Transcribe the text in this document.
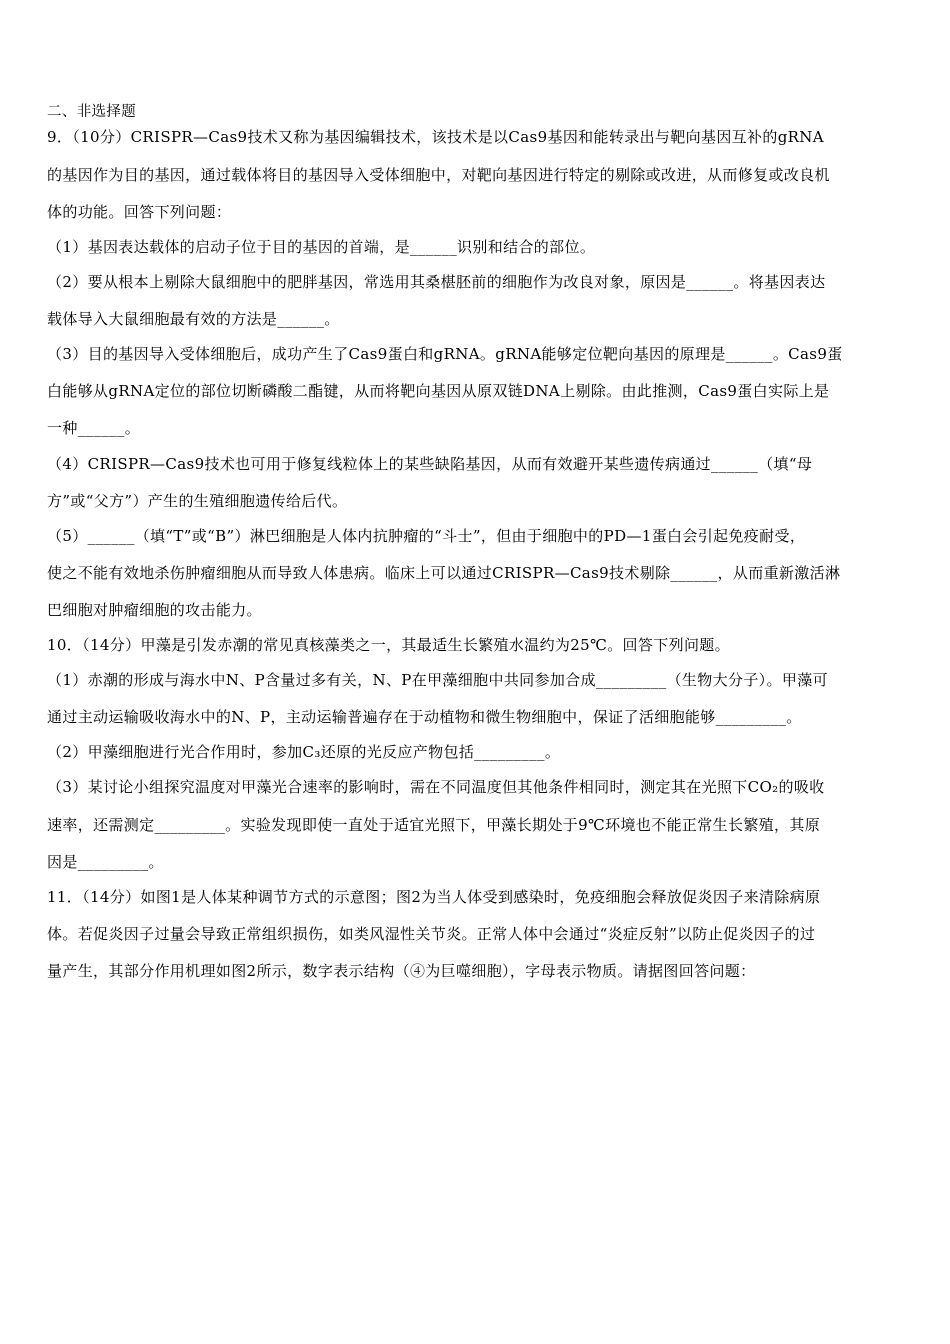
二、非选择题
9．（10分）CRISPR—Cas9技术又称为基因编辑技术，该技术是以Cas9基因和能转录出与靶向基因互补的gRNA
的基因作为目的基因，通过载体将目的基因导入受体细胞中，对靶向基因进行特定的剔除或改进，从而修复或改良机
体的功能。回答下列问题：
（1）基因表达载体的启动子位于目的基因的首端，是______识别和结合的部位。
（2）要从根本上剔除大鼠细胞中的肥胖基因，常选用其桑椹胚前的细胞作为改良对象，原因是______。将基因表达
载体导入大鼠细胞最有效的方法是______。
（3）目的基因导入受体细胞后，成功产生了Cas9蛋白和gRNA。gRNA能够定位靶向基因的原理是______。Cas9蛋
白能够从gRNA定位的部位切断磷酸二酯键，从而将靶向基因从原双链DNA上剔除。由此推测，Cas9蛋白实际上是
一种______。
（4）CRISPR—Cas9技术也可用于修复线粒体上的某些缺陷基因，从而有效避开某些遗传病通过______（填“母
方”或“父方”）产生的生殖细胞遗传给后代。
（5）______（填“T”或“B”）淋巴细胞是人体内抗肿瘤的“斗士”，但由于细胞中的PD—1蛋白会引起免疫耐受，
使之不能有效地杀伤肿瘤细胞从而导致人体患病。临床上可以通过CRISPR—Cas9技术剔除______，从而重新激活淋
巴细胞对肿瘤细胞的攻击能力。
10．（14分）甲藻是引发赤潮的常见真核藻类之一，其最适生长繁殖水温约为25℃。回答下列问题。
（1）赤潮的形成与海水中N、P含量过多有关，N、P在甲藻细胞中共同参加合成_________（生物大分子）。甲藻可
通过主动运输吸收海水中的N、P，主动运输普遍存在于动植物和微生物细胞中，保证了活细胞能够_________。
（2）甲藻细胞进行光合作用时，参加C₃还原的光反应产物包括_________。
（3）某讨论小组探究温度对甲藻光合速率的影响时，需在不同温度但其他条件相同时，测定其在光照下CO₂的吸收
速率，还需测定_________。实验发现即使一直处于适宜光照下，甲藻长期处于9℃环境也不能正常生长繁殖，其原
因是_________。
11．（14分）如图1是人体某种调节方式的示意图；图2为当人体受到感染时，免疫细胞会释放促炎因子来清除病原
体。若促炎因子过量会导致正常组织损伤，如类风湿性关节炎。正常人体中会通过“炎症反射”以防止促炎因子的过
量产生，其部分作用机理如图2所示，数字表示结构（④为巨噬细胞），字母表示物质。请据图回答问题：
